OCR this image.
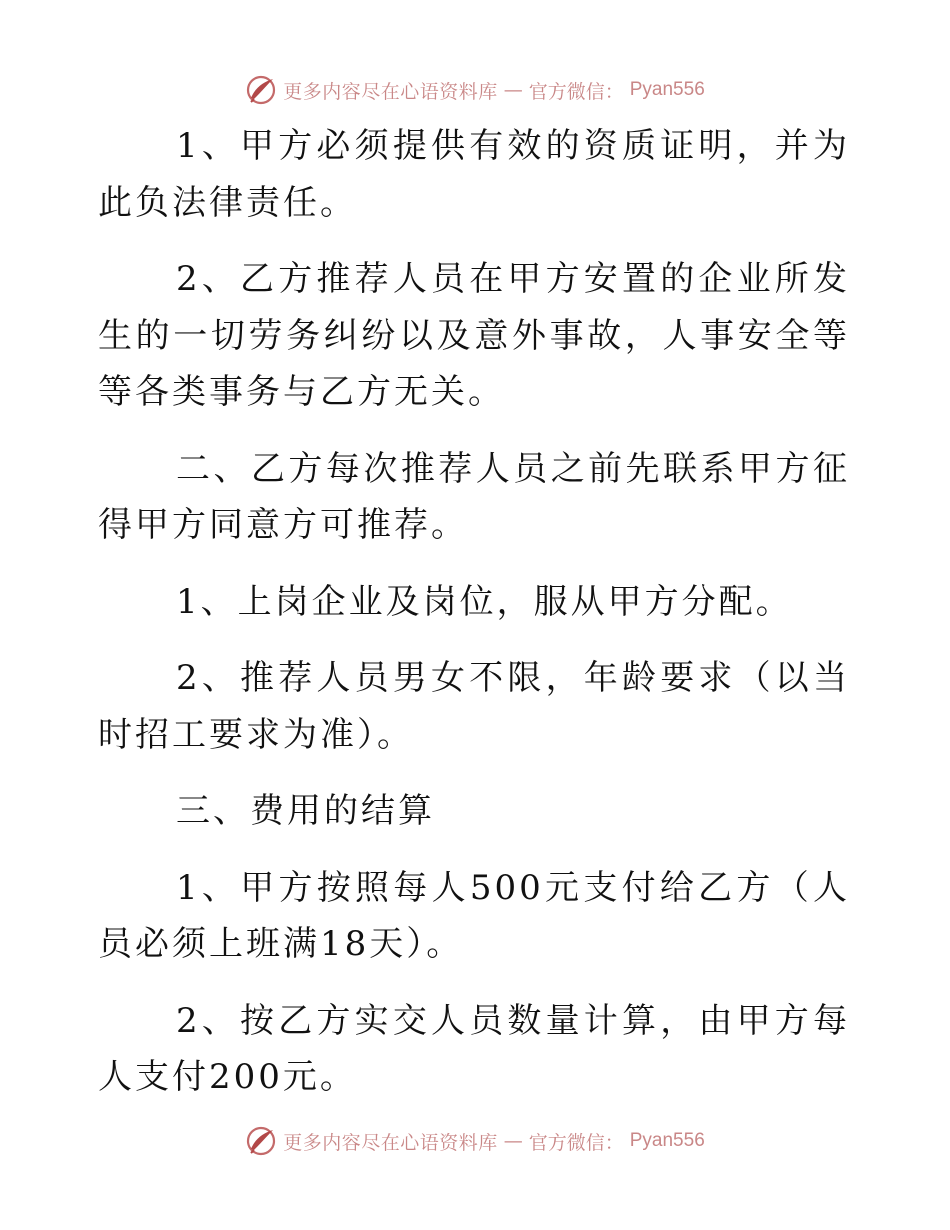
更多内容尽在心语资料库 — 官方微信： Pyan556

1、甲方必须提供有效的资质证明，并为此负法律责任。

2、乙方推荐人员在甲方安置的企业所发生的一切劳务纠纷以及意外事故，人事安全等等各类事务与乙方无关。

二、乙方每次推荐人员之前先联系甲方征得甲方同意方可推荐。

1、上岗企业及岗位，服从甲方分配。

2、推荐人员男女不限，年龄要求（以当时招工要求为准）。

三、费用的结算

1、甲方按照每人500元支付给乙方（人员必须上班满18天）。

2、按乙方实交人员数量计算，由甲方每人支付200元。

更多内容尽在心语资料库 — 官方微信： Pyan556
